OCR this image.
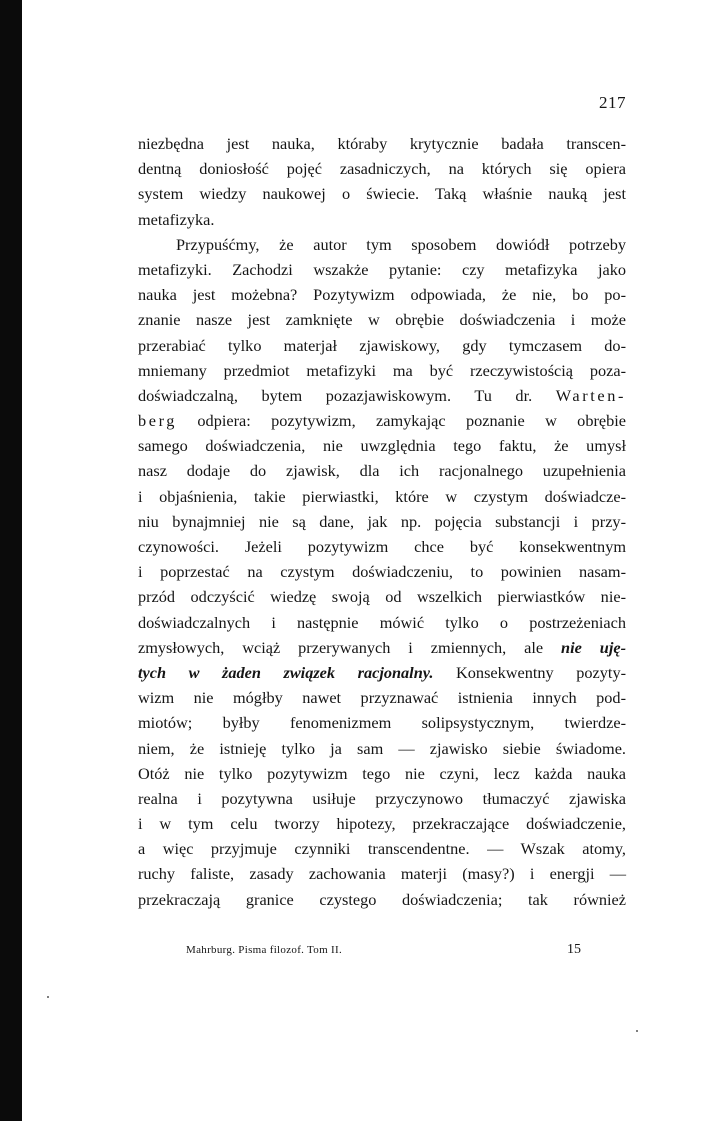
217
niezbędna jest nauka, któraby krytycznie badała transcen-
dentną doniosłość pojęć zasadniczych, na których się opiera
system wiedzy naukowej o świecie. Taką właśnie nauką jest
metafizyka.
Przypuśćmy, że autor tym sposobem dowiódł potrzeby
metafizyki. Zachodzi wszakże pytanie: czy metafizyka jako
nauka jest możebna? Pozytywizm odpowiada, że nie, bo po-
znanie nasze jest zamknięte w obrębie doświadczenia i może
przerabiać tylko materjał zjawiskowy, gdy tymczasem do-
mniemany przedmiot metafizyki ma być rzeczywistością poza-
doświadczalną, bytem pozazjawiskowym. Tu dr. Warten-
berg odpiera: pozytywizm, zamykając poznanie w obrębie
samego doświadczenia, nie uwzględnia tego faktu, że umysł
nasz dodaje do zjawisk, dla ich racjonalnego uzupełnienia
i objaśnienia, takie pierwiastki, które w czystym doświadcze-
niu bynajmniej nie są dane, jak np. pojęcia substancji i przy-
czynowości. Jeżeli pozytywizm chce być konsekwentnym
i poprzestać na czystym doświadczeniu, to powinien nasam-
przód odczyścić wiedzę swoją od wszelkich pierwiastków nie-
doświadczalnych i następnie mówić tylko o postrzeżeniach
zmysłowych, wciąż przerywanych i zmiennych, ale nie uję-
tych w żaden związek racjonalny. Konsekwentny pozyty-
wizm nie mógłby nawet przyznawać istnienia innych pod-
miotów; byłby fenomenizmem solipsystycznym, twierdze-
niem, że istnieję tylko ja sam — zjawisko siebie świadome.
Otóż nie tylko pozytywizm tego nie czyni, lecz każda nauka
realna i pozytywna usiłuje przyczynowo tłumaczyć zjawiska
i w tym celu tworzy hipotezy, przekraczające doświadczenie,
a więc przyjmuje czynniki transcendentne. — Wszak atomy,
ruchy faliste, zasady zachowania materji (masy?) i energji —
przekraczają granice czystego doświadczenia; tak również
Mahrburg. Pisma filozof. Tom II.	15
